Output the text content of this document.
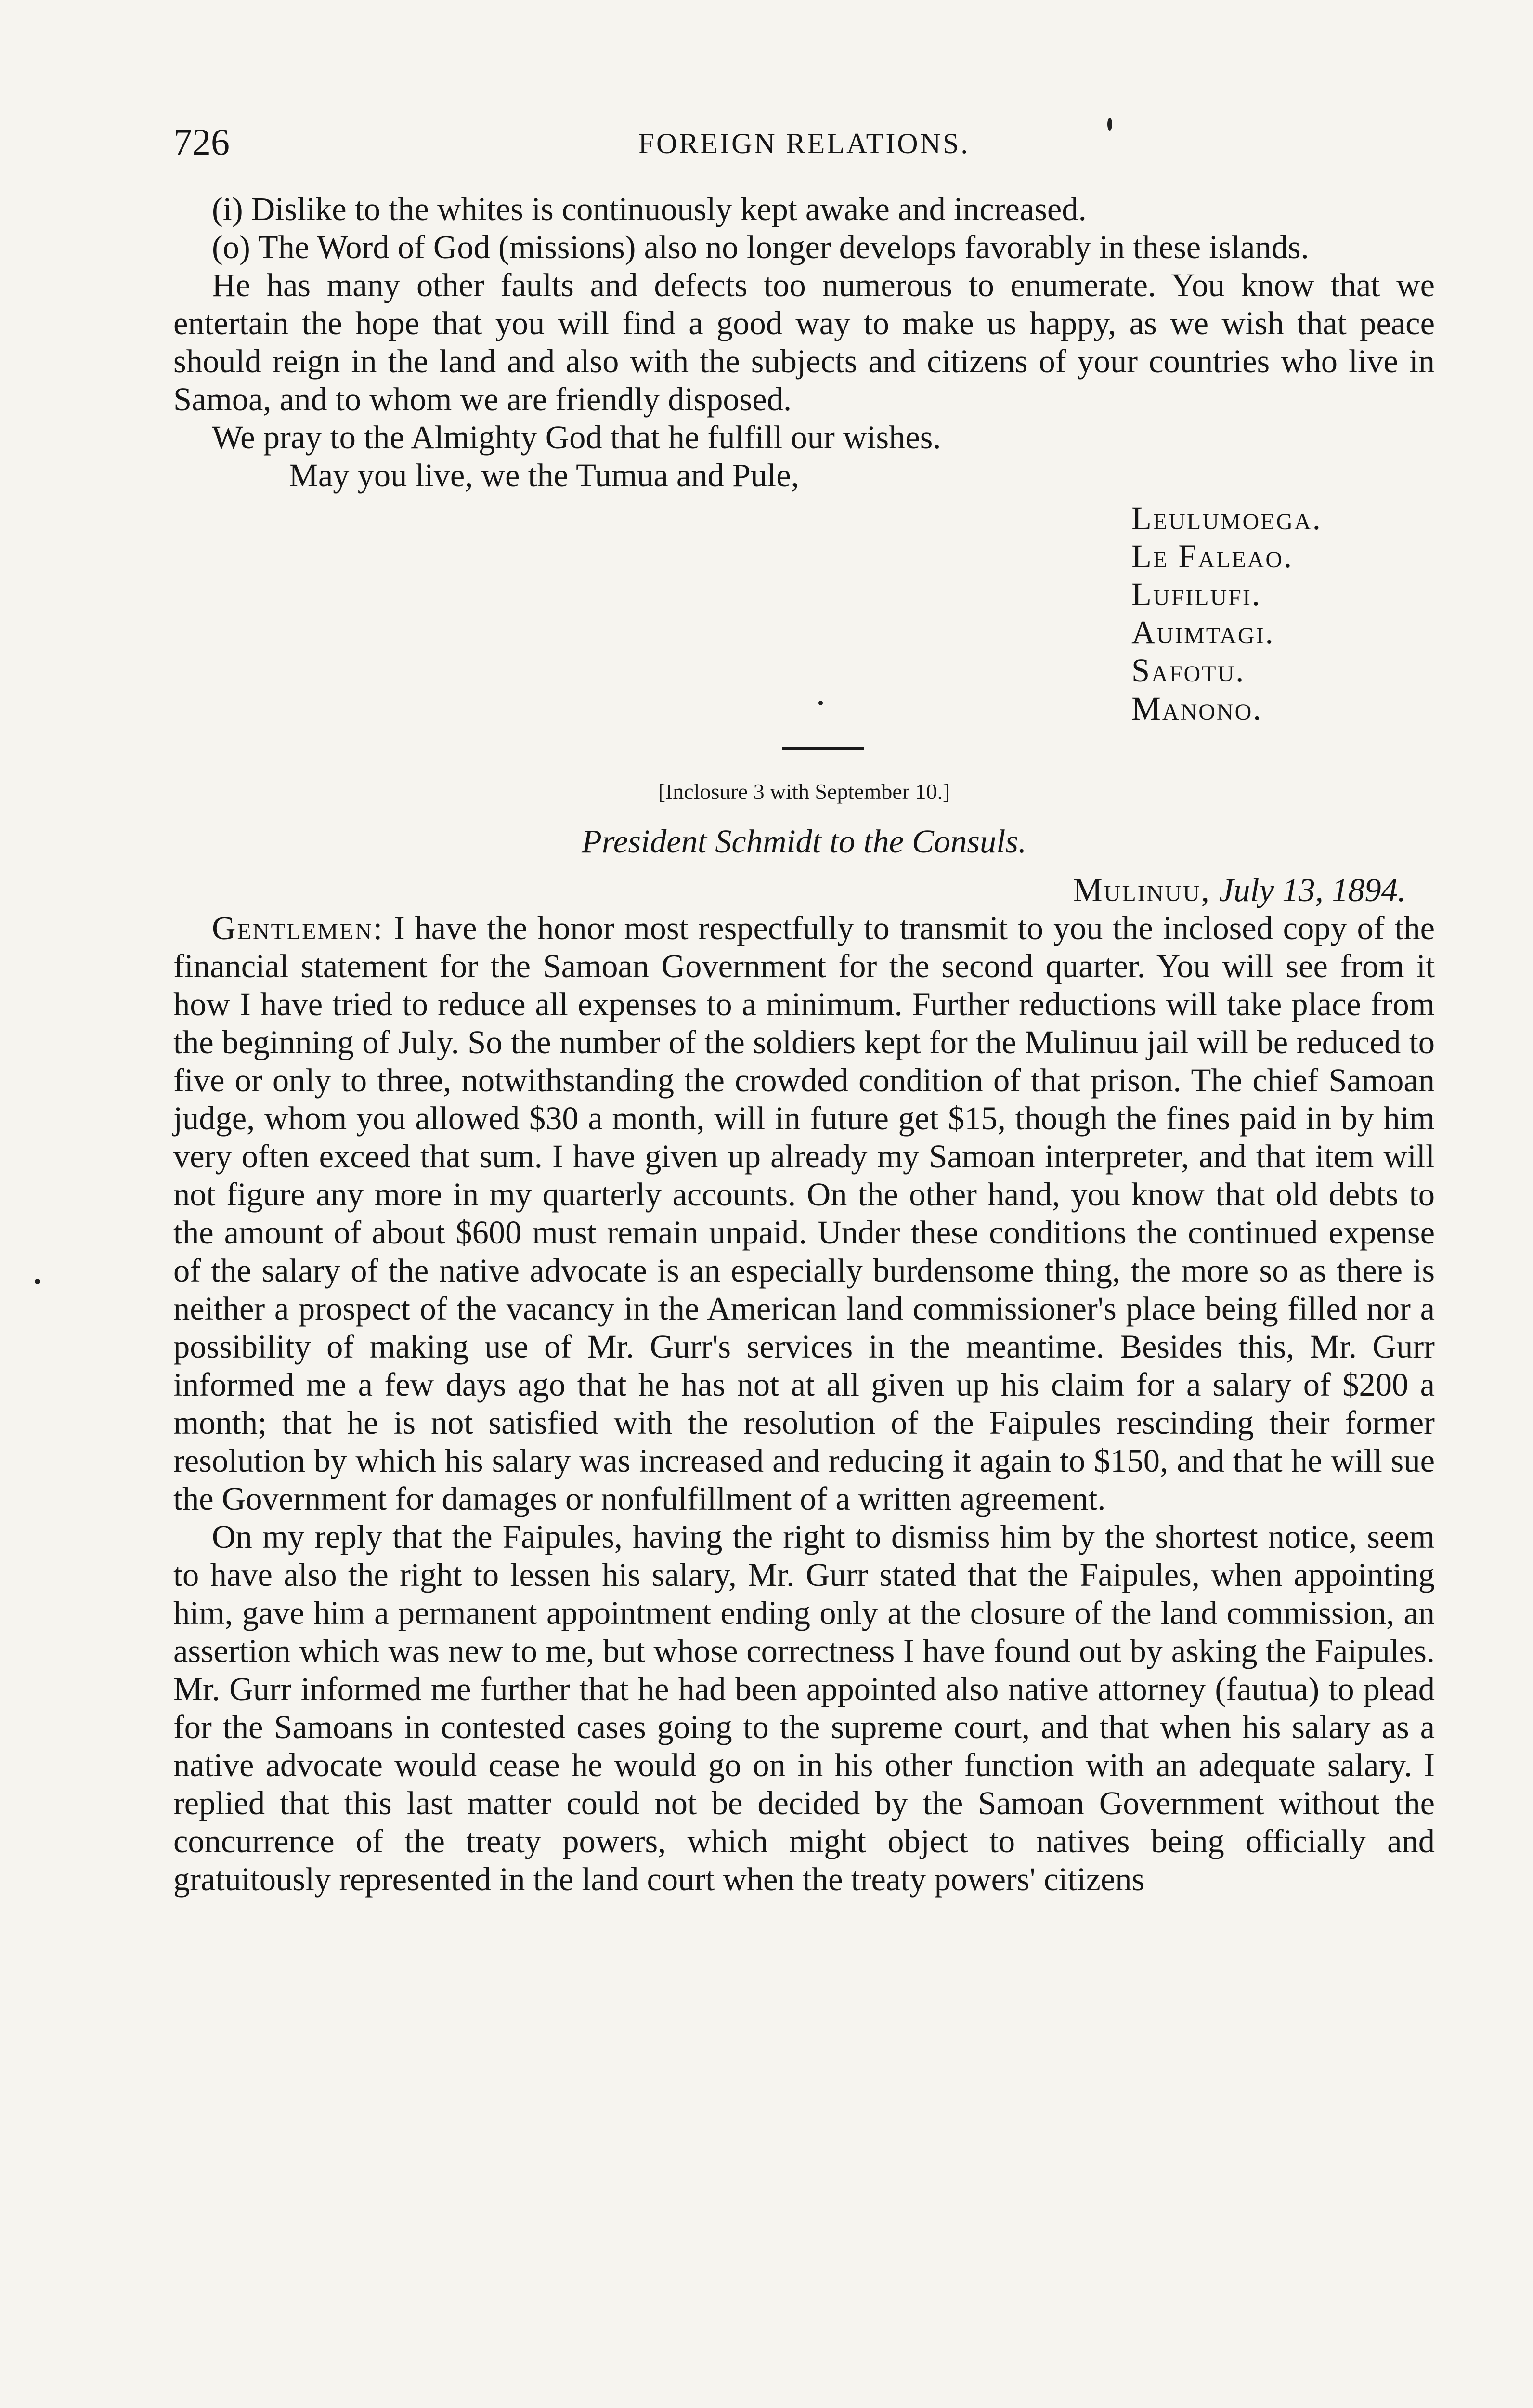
726	FOREIGN RELATIONS.

(i) Dislike to the whites is continuously kept awake and increased.

(o) The Word of God (missions) also no longer develops favorably in these islands.

He has many other faults and defects too numerous to enumerate. You know that we entertain the hope that you will find a good way to make us happy, as we wish that peace should reign in the land and also with the subjects and citizens of your countries who live in Samoa, and to whom we are friendly disposed.

We pray to the Almighty God that he fulfill our wishes.

May you live, we the Tumua and Pule,

Leulumoega.
Le Faleao.
Lufilufi.
Auimtagi.
Safotu.
Manono.
[Inclosure 3 with September 10.]
President Schmidt to the Consuls.
Mulinuu, July 13, 1894.

Gentlemen: I have the honor most respectfully to transmit to you the inclosed copy of the financial statement for the Samoan Government for the second quarter. You will see from it how I have tried to reduce all expenses to a minimum. Further reductions will take place from the beginning of July. So the number of the soldiers kept for the Mulinuu jail will be reduced to five or only to three, notwithstanding the crowded condition of that prison. The chief Samoan judge, whom you allowed $30 a month, will in future get $15, though the fines paid in by him very often exceed that sum. I have given up already my Samoan interpreter, and that item will not figure any more in my quarterly accounts. On the other hand, you know that old debts to the amount of about $600 must remain unpaid. Under these conditions the continued expense of the salary of the native advocate is an especially burdensome thing, the more so as there is neither a prospect of the vacancy in the American land commissioner's place being filled nor a possibility of making use of Mr. Gurr's services in the meantime. Besides this, Mr. Gurr informed me a few days ago that he has not at all given up his claim for a salary of $200 a month; that he is not satisfied with the resolution of the Faipules rescinding their former resolution by which his salary was increased and reducing it again to $150, and that he will sue the Government for damages or nonfulfillment of a written agreement.

On my reply that the Faipules, having the right to dismiss him by the shortest notice, seem to have also the right to lessen his salary, Mr. Gurr stated that the Faipules, when appointing him, gave him a permanent appointment ending only at the closure of the land commission, an assertion which was new to me, but whose correctness I have found out by asking the Faipules. Mr. Gurr informed me further that he had been appointed also native attorney (fautua) to plead for the Samoans in contested cases going to the supreme court, and that when his salary as a native advocate would cease he would go on in his other function with an adequate salary. I replied that this last matter could not be decided by the Samoan Government without the concurrence of the treaty powers, which might object to natives being officially and gratuitously represented in the land court when the treaty powers' citizens
